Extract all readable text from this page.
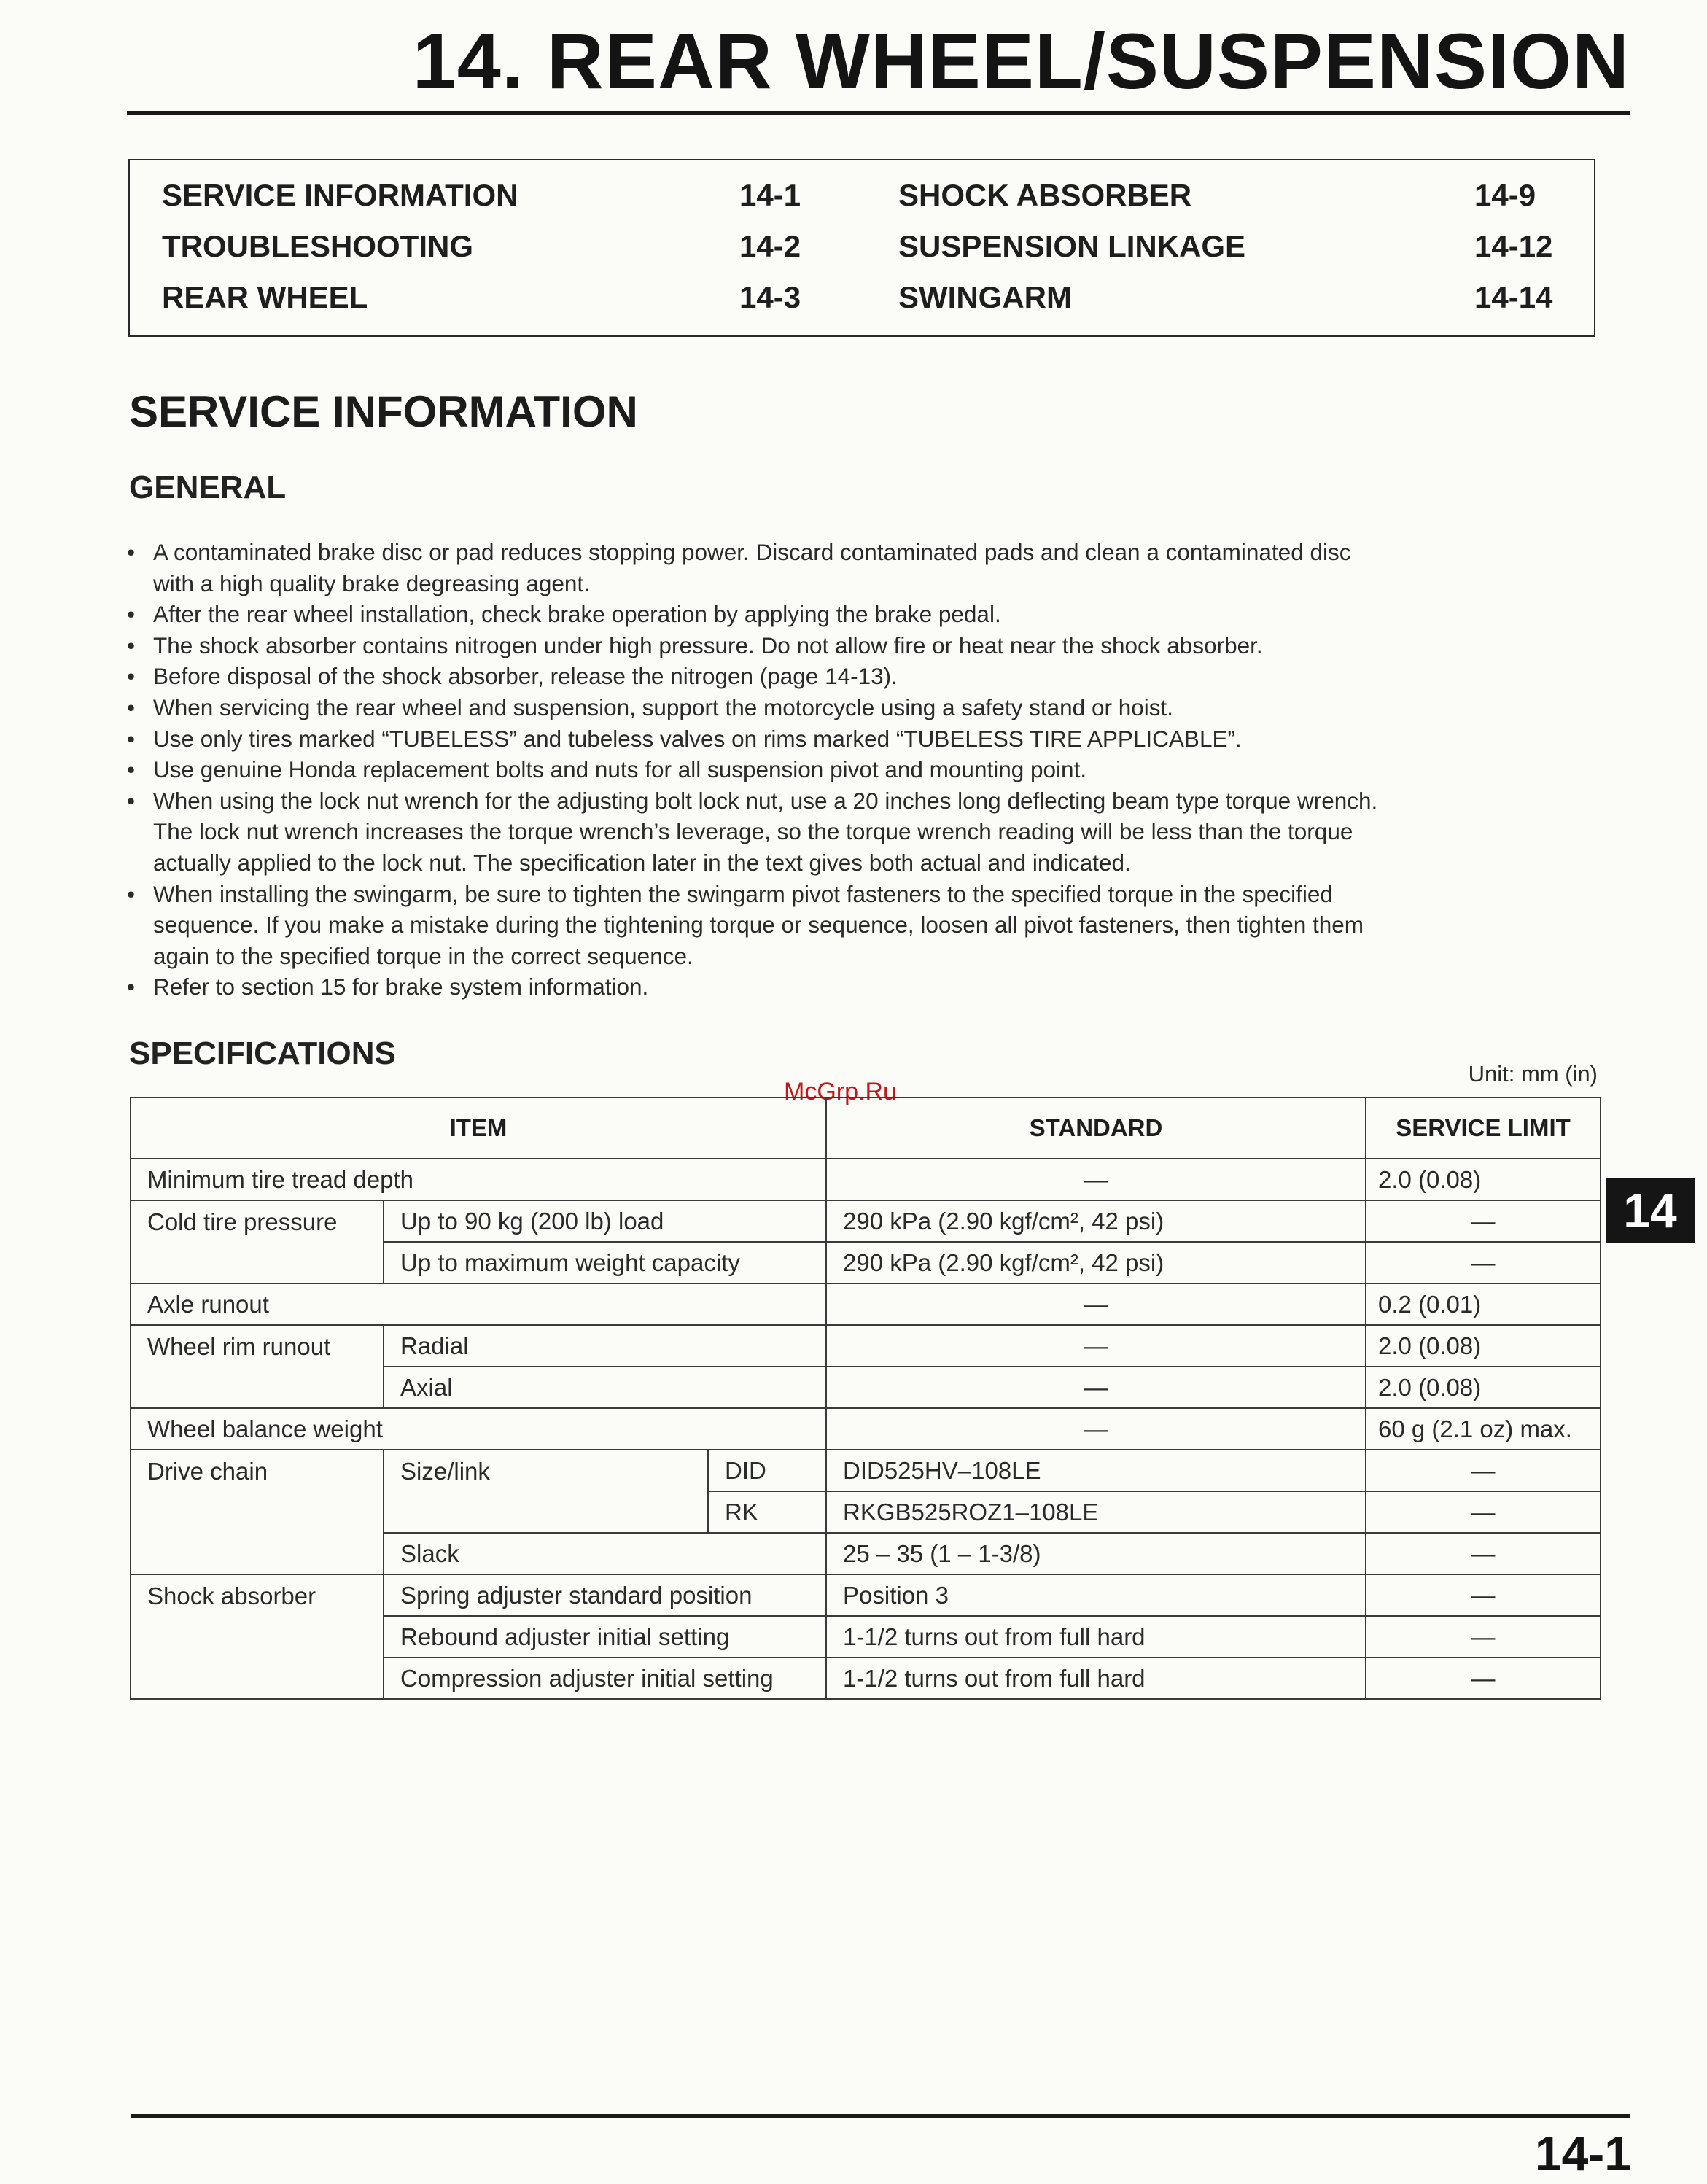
14. REAR WHEEL/SUSPENSION
SERVICE INFORMATION	14-1
TROUBLESHOOTING	14-2
REAR WHEEL	14-3
SHOCK ABSORBER	14-9
SUSPENSION LINKAGE	14-12
SWINGARM	14-14
SERVICE INFORMATION
GENERAL
• A contaminated brake disc or pad reduces stopping power. Discard contaminated pads and clean a contaminated disc
with a high quality brake degreasing agent.
• After the rear wheel installation, check brake operation by applying the brake pedal.
• The shock absorber contains nitrogen under high pressure. Do not allow fire or heat near the shock absorber.
• Before disposal of the shock absorber, release the nitrogen (page 14-13).
• When servicing the rear wheel and suspension, support the motorcycle using a safety stand or hoist.
• Use only tires marked “TUBELESS” and tubeless valves on rims marked “TUBELESS TIRE APPLICABLE”.
• Use genuine Honda replacement bolts and nuts for all suspension pivot and mounting point.
• When using the lock nut wrench for the adjusting bolt lock nut, use a 20 inches long deflecting beam type torque wrench.
The lock nut wrench increases the torque wrench’s leverage, so the torque wrench reading will be less than the torque
actually applied to the lock nut. The specification later in the text gives both actual and indicated.
• When installing the swingarm, be sure to tighten the swingarm pivot fasteners to the specified torque in the specified
sequence. If you make a mistake during the tightening torque or sequence, loosen all pivot fasteners, then tighten them
again to the specified torque in the correct sequence.
• Refer to section 15 for brake system information.
SPECIFICATIONS
Unit: mm (in)
McGrp.Ru
ITEM			STANDARD	SERVICE LIMIT
Minimum tire tread depth			—	2.0 (0.08)
Cold tire pressure	Up to 90 kg (200 lb) load		290 kPa (2.90 kgf/cm², 42 psi)	—
	Up to maximum weight capacity		290 kPa (2.90 kgf/cm², 42 psi)	—
Axle runout			—	0.2 (0.01)
Wheel rim runout	Radial		—	2.0 (0.08)
	Axial		—	2.0 (0.08)
Wheel balance weight			—	60 g (2.1 oz) max.
Drive chain	Size/link	DID	DID525HV–108LE	—
		RK	RKGB525ROZ1–108LE	—
	Slack		25 – 35 (1 – 1-3/8)	—
Shock absorber	Spring adjuster standard position		Position 3	—
	Rebound adjuster initial setting		1-1/2 turns out from full hard	—
	Compression adjuster initial setting		1-1/2 turns out from full hard	—
14
14-1
